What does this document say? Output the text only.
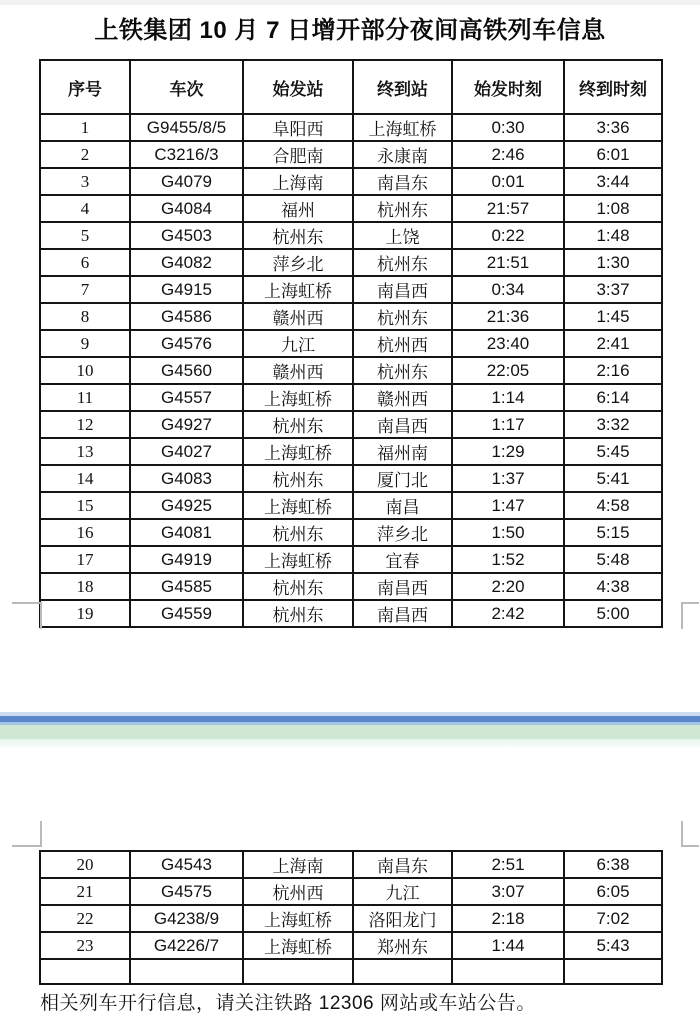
上铁集团 10 月 7 日增开部分夜间高铁列车信息
序号	车次	始发站	终到站	始发时刻	终到时刻
1	G9455/8/5	阜阳西	上海虹桥	0:30	3:36
2	C3216/3	合肥南	永康南	2:46	6:01
3	G4079	上海南	南昌东	0:01	3:44
4	G4084	福州	杭州东	21:57	1:08
5	G4503	杭州东	上饶	0:22	1:48
6	G4082	萍乡北	杭州东	21:51	1:30
7	G4915	上海虹桥	南昌西	0:34	3:37
8	G4586	赣州西	杭州东	21:36	1:45
9	G4576	九江	杭州西	23:40	2:41
10	G4560	赣州西	杭州东	22:05	2:16
11	G4557	上海虹桥	赣州西	1:14	6:14
12	G4927	杭州东	南昌西	1:17	3:32
13	G4027	上海虹桥	福州南	1:29	5:45
14	G4083	杭州东	厦门北	1:37	5:41
15	G4925	上海虹桥	南昌	1:47	4:58
16	G4081	杭州东	萍乡北	1:50	5:15
17	G4919	上海虹桥	宜春	1:52	5:48
18	G4585	杭州东	南昌西	2:20	4:38
19	G4559	杭州东	南昌西	2:42	5:00
20	G4543	上海南	南昌东	2:51	6:38
21	G4575	杭州西	九江	3:07	6:05
22	G4238/9	上海虹桥	洛阳龙门	2:18	7:02
23	G4226/7	上海虹桥	郑州东	1:44	5:43

相关列车开行信息，请关注铁路 12306 网站或车站公告。
